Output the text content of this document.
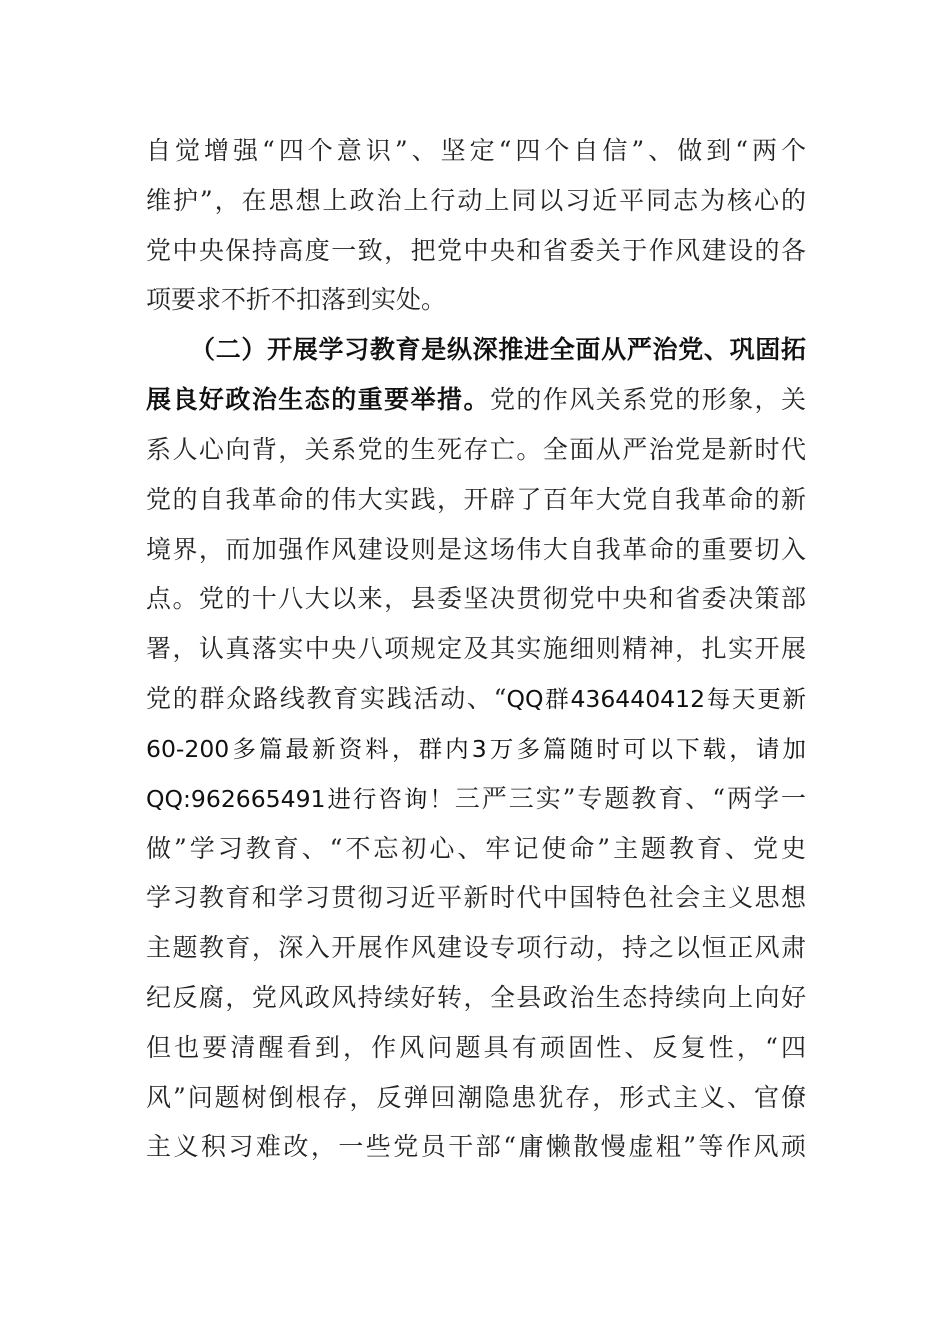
自觉增强“四个意识”、坚定“四个自信”、做到“两个
维护”，在思想上政治上行动上同以习近平同志为核心的
党中央保持高度一致，把党中央和省委关于作风建设的各
项要求不折不扣落到实处。
（二）开展学习教育是纵深推进全面从严治党、巩固拓
展良好政治生态的重要举措。党的作风关系党的形象，关
系人心向背，关系党的生死存亡。全面从严治党是新时代
党的自我革命的伟大实践，开辟了百年大党自我革命的新
境界，而加强作风建设则是这场伟大自我革命的重要切入
点。党的十八大以来，县委坚决贯彻党中央和省委决策部
署，认真落实中央八项规定及其实施细则精神，扎实开展
党的群众路线教育实践活动、“QQ群436440412每天更新
60-200多篇最新资料，群内3万多篇随时可以下载，请加
QQ:962665491进行咨询！三严三实”专题教育、“两学一
做”学习教育、“不忘初心、牢记使命”主题教育、党史
学习教育和学习贯彻习近平新时代中国特色社会主义思想
主题教育，深入开展作风建设专项行动，持之以恒正风肃
纪反腐，党风政风持续好转，全县政治生态持续向上向好
但也要清醒看到，作风问题具有顽固性、反复性，“四
风”问题树倒根存，反弹回潮隐患犹存，形式主义、官僚
主义积习难改，一些党员干部“庸懒散慢虚粗”等作风顽
